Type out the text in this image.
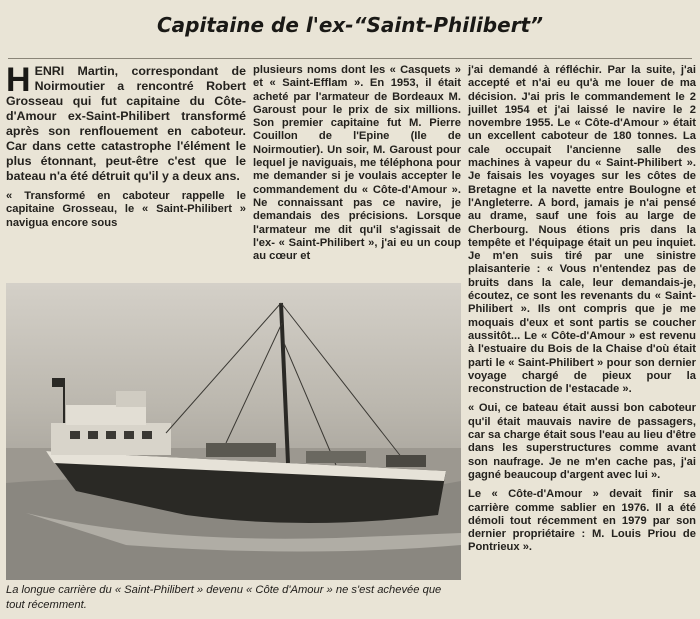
Capitaine de l'ex-“Saint-Philibert”

HENRI Martin, correspondant de Noirmoutier a rencontré Robert Grosseau qui fut capitaine du Côte-d'Amour ex-Saint-Philibert transformé après son renflouement en caboteur. Car dans cette catastrophe l'élément le plus étonnant, peut-être c'est que le bateau n'a été détruit qu'il y a deux ans.

« Transformé en caboteur rappelle le capitaine Grosseau, le « Saint-Philibert » navigua encore sous

plusieurs noms dont les « Casquets » et « Saint-Efflam ». En 1953, il était acheté par l'armateur de Bordeaux M. Garoust pour le prix de six millions. Son premier capitaine fut M. Pierre Couillon de l'Epine (Ile de Noirmoutier). Un soir, M. Garoust pour lequel je naviguais, me téléphona pour me demander si je voulais accepter le commandement du « Côte-d'Amour ». Ne connaissant pas ce navire, je demandais des précisions. Lorsque l'armateur me dit qu'il s'agissait de l'ex- « Saint-Philibert », j'ai eu un coup au cœur et

j'ai demandé à réfléchir. Par la suite, j'ai accepté et n'ai eu qu'à me louer de ma décision. J'ai pris le commandement le 2 juillet 1954 et j'ai laissé le navire le 2 novembre 1955. Le « Côte-d'Amour » était un excellent caboteur de 180 tonnes. La cale occupait l'ancienne salle des machines à vapeur du « Saint-Philibert ». Je faisais les voyages sur les côtes de Bretagne et la navette entre Boulogne et l'Angleterre. A bord, jamais je n'ai pensé au drame, sauf une fois au large de Cherbourg. Nous étions pris dans la tempête et l'équipage était un peu inquiet. Je m'en suis tiré par une sinistre plaisanterie : « Vous n'entendez pas de bruits dans la cale, leur demandais-je, écoutez, ce sont les revenants du « Saint-Philibert ». Ils ont compris que je me moquais d'eux et sont partis se coucher aussitôt... Le « Côte-d'Amour » est revenu à l'estuaire du Bois de la Chaise d'où était parti le « Saint-Philibert » pour son dernier voyage chargé de pieux pour la reconstruction de l'estacade ».

« Oui, ce bateau était aussi bon caboteur qu'il était mauvais navire de passagers, car sa charge était sous l'eau au lieu d'être dans les superstructures comme avant son naufrage. Je ne m'en cache pas, j'ai gagné beaucoup d'argent avec lui ».

Le « Côte-d'Amour » devait finir sa carrière comme sablier en 1976. Il a été démoli tout récemment en 1979 par son dernier propriétaire : M. Louis Priou de Pontrieux ».

La longue carrière du « Saint-Philibert » devenu « Côte d'Amour » ne s'est achevée que tout récemment.
